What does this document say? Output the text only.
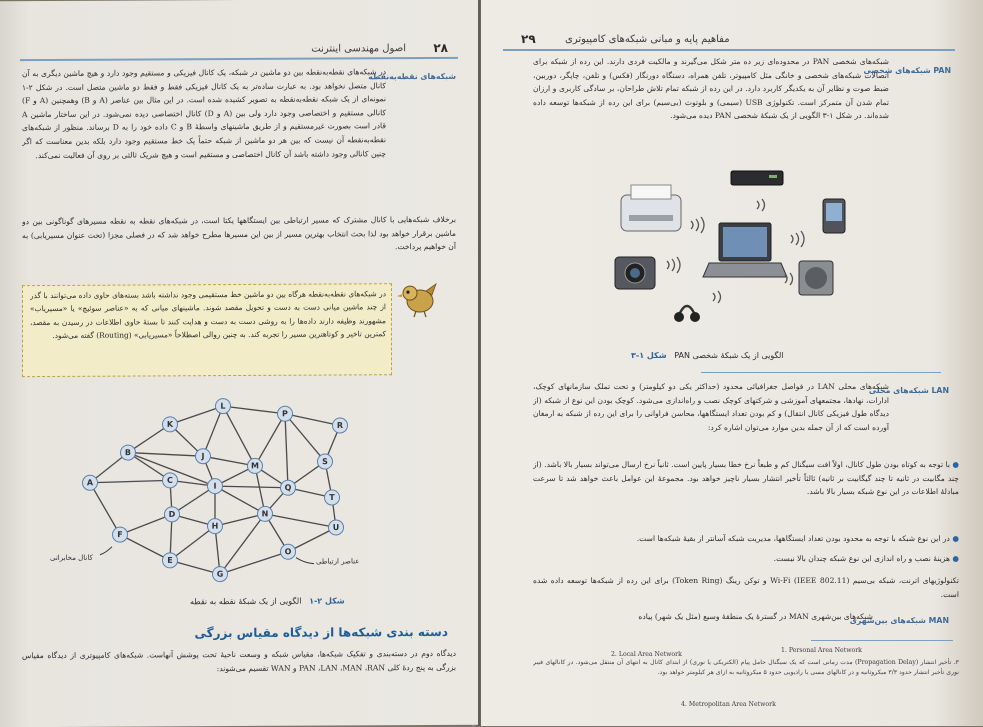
۲۸
اصول مهندسی اینترنت
شبکه‌های نقطه‌به‌نقطه
در شبکه‌های نقطه‌به‌نقطه بین دو ماشین در شبکه، یک کانال فیزیکی و مستقیم وجود دارد و هیچ ماشین دیگری به آن کانال متصل نخواهد بود. به عبارت ساده‌تر به یک کانال فیزیکی فقط و فقط دو ماشین متصل است. در شکل ۲-۱ نمونه‌ای از یک شبکه نقطه‌به‌نقطه به تصویر کشیده شده است. در این مثال بین عناصر (A و B) وهمچنین (A و F) کانالی مستقیم و اختصاصی وجود دارد ولی بین (A و D) کانال اختصاصی دیده نمی‌شود. در این ساختار ماشین A قادر است بصورت غیرمستقیم و از طریق ماشینهای واسطهٔ B و C داده خود را به D برساند. منظور از شبکه‌های نقطه‌به‌نقطه آن نیست که بین هر دو ماشین از شبکه حتماً یک خط مستقیم وجود دارد بلکه بدین معناست که اگر چنین کانالی وجود داشته باشد آن کانال اختصاصی و مستقیم است و هیچ شریک ثالثی بر روی آن فعالیت نمی‌کند.
برخلاف شبکه‌هایی با کانال مشترک که مسیر ارتباطی بین ایستگاهها یکتا است، در شبکه‌های نقطه به نقطه مسیرهای گوناگونی بین دو ماشین برقرار خواهد بود لذا بحث انتخاب بهترین مسیر از بین این مسیرها مطرح خواهد شد که در فصلی مجزا (تحت عنوان مسیریابی) به آن خواهیم پرداخت.
در شبکه‌های نقطه‌به‌نقطه هرگاه بین دو ماشین خط مستقیمی وجود نداشته باشد بسته‌های حاوی داده می‌توانند با گذر از چند ماشین میانی دست به دست و تحویل مقصد شوند. ماشینهای میانی که به «عناصر سوئیچ» یا «مسیریاب» مشهورند وظیفه دارند داده‌ها را به روشی دست به دست و هدایت کنند تا بستهٔ حاوی اطلاعات در رسیدن به مقصد، کمترین تاخیر و کوتاهترین مسیر را تجربه کند. به چنین روالی اصطلاحاً «مسیریابی» (Routing) گفته می‌شود.
L
K
P
R
B	J
M	S
A	C
I	Q
T
D	N
H	U
F
O
E
G
کانال مخابراتی	عناصر ارتباطی
شکل ۲-۱   الگویی از یک شبکهٔ نقطه به نقطه
دسته بندی شبکه‌ها از دیدگاه مقیاس بزرگی
دیدگاه دوم در دسته‌بندی و تفکیک شبکه‌ها، مقیاس شبکه و وسعت ناحیهٔ تحت پوشش آنهاست. شبکه‌های کامپیوتری از دیدگاه مقیاس بزرگی به پنج ردهٔ کلی PAN ،LAN ،MAN ،RAN و WAN تقسیم می‌شوند:
۲۹	مفاهیم پایه و مبانی شبکه‌های کامپیوتری
شبکه‌های شخصی PAN
شبکه‌های شخصی PAN در محدوده‌ای زیر ده متر شکل می‌گیرند و مالکیت فردی دارند. این رده از شبکه برای اتصالات شبکه‌های شخصی و خانگی مثل کامپیوتر، تلفن همراه، دستگاه دورنگار (فکس) و تلفن، چاپگر، دوربین، ضبط صوت و نظایر آن به یکدیگر کاربرد دارد. در این رده از شبکه تمام تلاش طراحان، بر سادگی کاربری و ارزان تمام شدن آن متمرکز است. تکنولوژی USB (سیمی) و بلوتوث (بی‌سیم) برای این رده از شبکه‌ها توسعه داده شده‌اند. در شکل ۱-۳ الگویی از یک شبکهٔ شخصی PAN دیده می‌شود.
الگویی از یک شبکهٔ شخصی PAN   شکل ۱-۳
شبکه‌های محلی LAN
شبکه‌های محلی LAN در فواصل جغرافیائی محدود (حداکثر یکی دو کیلومتر) و تحت تملک سازمانهای کوچک، ادارات، نهادها، مجتمعهای آموزشی و شرکتهای کوچک نصب و راه‌اندازی می‌شود. کوچک بودن این نوع از شبکه (از دیدگاه طول فیزیکی کانال انتقال) و کم بودن تعداد ایستگاهها، محاسن فراوانی را برای این رده از شبکه به ارمغان آورده است که از آن جمله بدین موارد می‌توان اشاره کرد:
● با توجه به کوتاه بودن طول کانال، اولاً افت سیگنال کم و طبعاً نرخ خطا بسیار پایین است. ثانیاً نرخ ارسال می‌تواند بسیار بالا باشد. (از چند مگابیت در ثانیه تا چند گیگابیت بر ثانیه) ثالثاً تأخیر انتشار بسیار ناچیز خواهد بود. مجموعهٔ این عوامل باعث خواهد شد تا سرعت مبادلهٔ اطلاعات در این نوع شبکه بسیار بالا باشد.
● در این نوع شبکه با توجه به محدود بودن تعداد ایستگاهها، مدیریت شبکه آسانتر از بقیهٔ شبکه‌ها است.
● هزینهٔ نصب و راه اندازی این نوع شبکه چندان بالا نیست.
تکنولوژیهای اترنت، شبکه بی‌سیم Wi-Fi (IEEE 802.11) و توکن رینگ (Token Ring) برای این رده از شبکه‌ها توسعه داده شده است.
شبکه‌های بین‌شهری MAN
شبکه‌های بین‌شهری MAN در گسترهٔ یک منطقهٔ وسیع (مثل یک شهر) پیاده
1. Personal Area Network
2. Local Area Network
۳. تأخیر انتشار (Propagation Delay) مدت زمانی است که یک سیگنال حامل پیام (الکتریکی یا نوری) از ابتدای کانال به انتهای آن منتقل می‌شود. در کانالهای فیبر نوری تأخیر انتشار حدود ۳/۳ میکروثانیه و در کانالهای مسی یا رادیویی حدود ۵ میکروثانیه به ازای هر کیلومتر خواهد بود.
4. Metropolitan Area Network
